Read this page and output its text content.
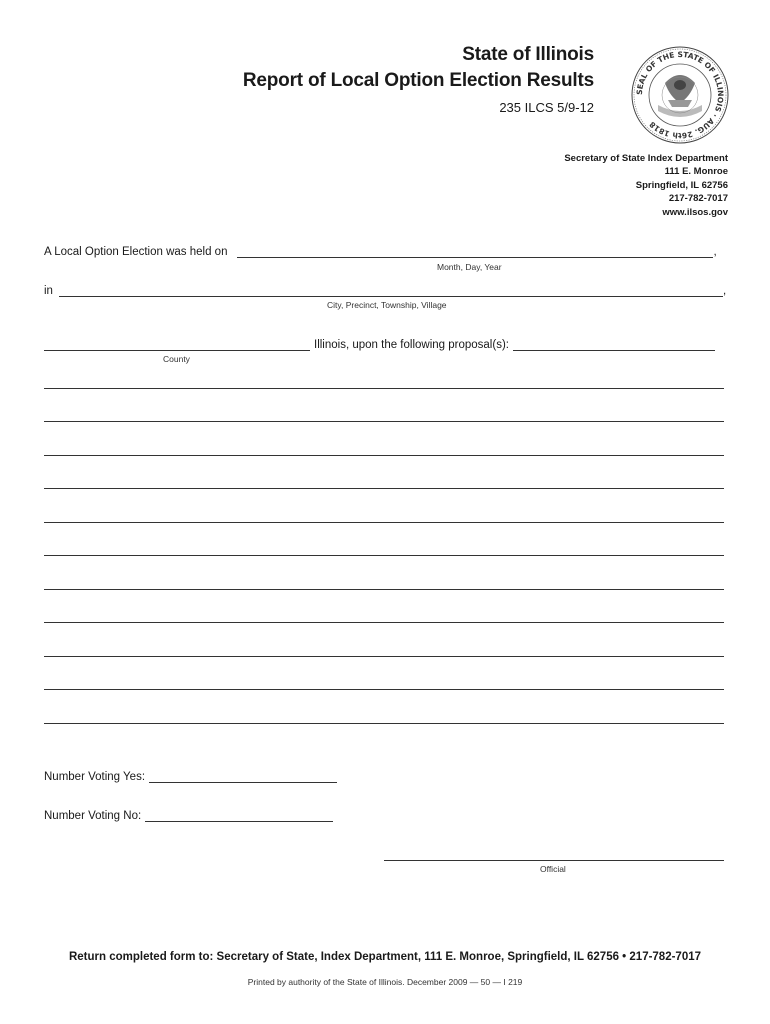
State of Illinois
Report of Local Option Election Results
235 ILCS 5/9-12
SEAL OF THE STATE OF ILLINOIS · AUG. 26th 1818
Secretary of State Index Department
111 E. Monroe
Springfield, IL 62756
217-782-7017
www.ilsos.gov
A Local Option Election was held on	,
Month, Day, Year
in	,
City, Precinct, Township, Village
Illinois, upon the following proposal(s):
County
Number Voting Yes:
Number Voting No:
Official
Return completed form to: Secretary of State, Index Department, 111 E. Monroe, Springfield, IL 62756 • 217-782-7017
Printed by authority of the State of Illinois. December 2009 — 50 — I 219
